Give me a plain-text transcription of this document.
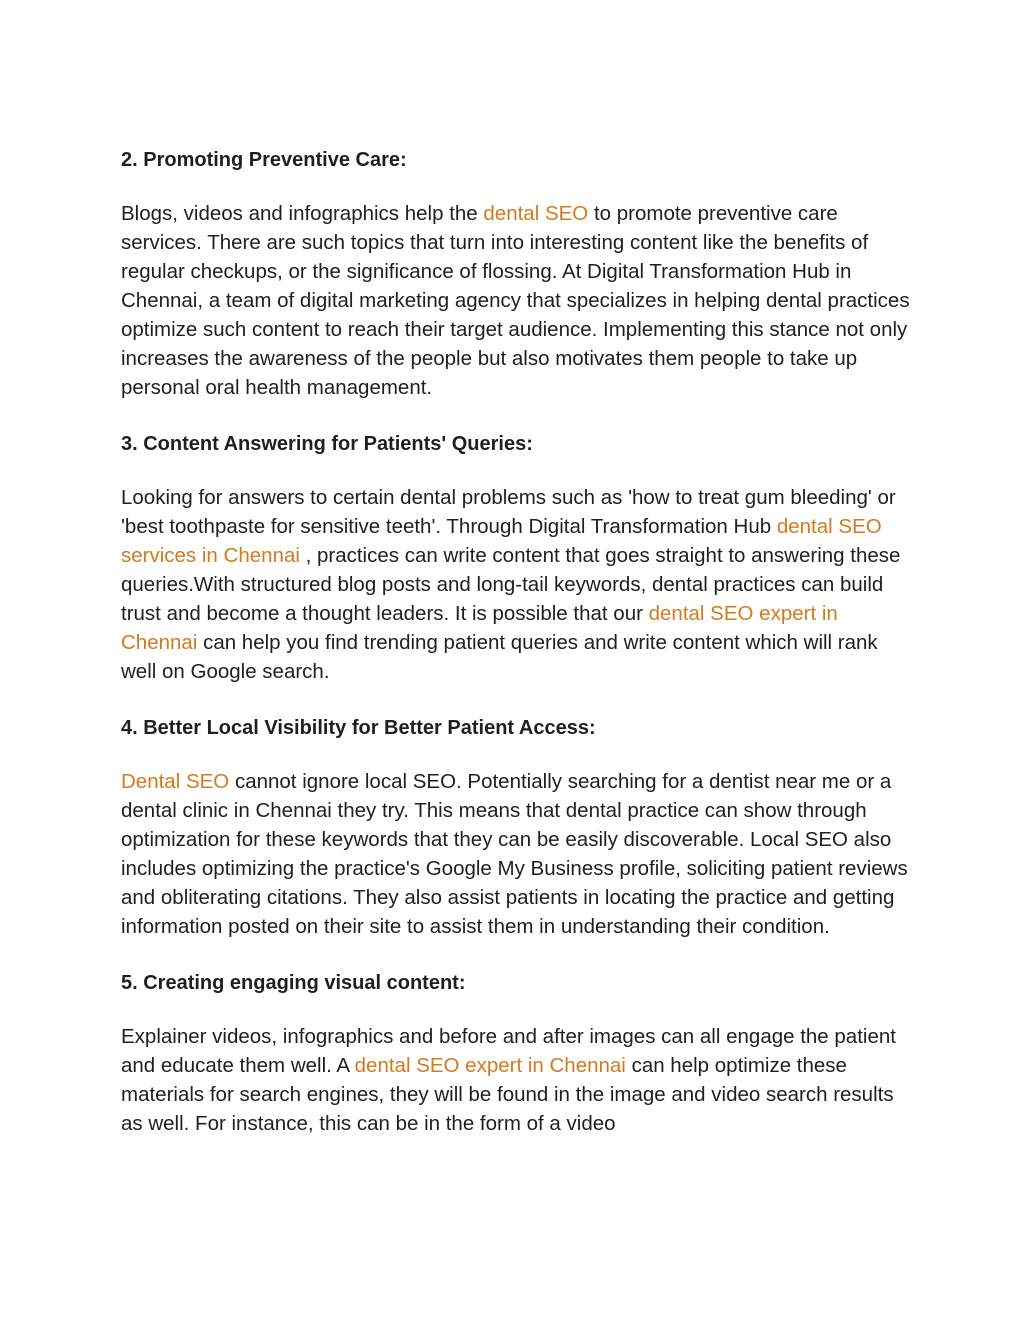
2. Promoting Preventive Care:

Blogs, videos and infographics help the dental SEO to promote preventive care services. There are such topics that turn into interesting content like the benefits of regular checkups, or the significance of flossing. At Digital Transformation Hub in Chennai, a team of digital marketing agency that specializes in helping dental practices optimize such content to reach their target audience. Implementing this stance not only increases the awareness of the people but also motivates them people to take up personal oral health management.

3. Content Answering for Patients' Queries:

Looking for answers to certain dental problems such as 'how to treat gum bleeding' or 'best toothpaste for sensitive teeth'. Through Digital Transformation Hub dental SEO services in Chennai , practices can write content that goes straight to answering these queries.With structured blog posts and long-tail keywords, dental practices can build trust and become a thought leaders. It is possible that our dental SEO expert in Chennai can help you find trending patient queries and write content which will rank well on Google search.

4. Better Local Visibility for Better Patient Access:

Dental SEO cannot ignore local SEO. Potentially searching for a dentist near me or a dental clinic in Chennai they try. This means that dental practice can show through optimization for these keywords that they can be easily discoverable. Local SEO also includes optimizing the practice's Google My Business profile, soliciting patient reviews and obliterating citations. They also assist patients in locating the practice and getting information posted on their site to assist them in understanding their condition.

5. Creating engaging visual content:

Explainer videos, infographics and before and after images can all engage the patient and educate them well. A dental SEO expert in Chennai can help optimize these materials for search engines, they will be found in the image and video search results as well. For instance, this can be in the form of a video
